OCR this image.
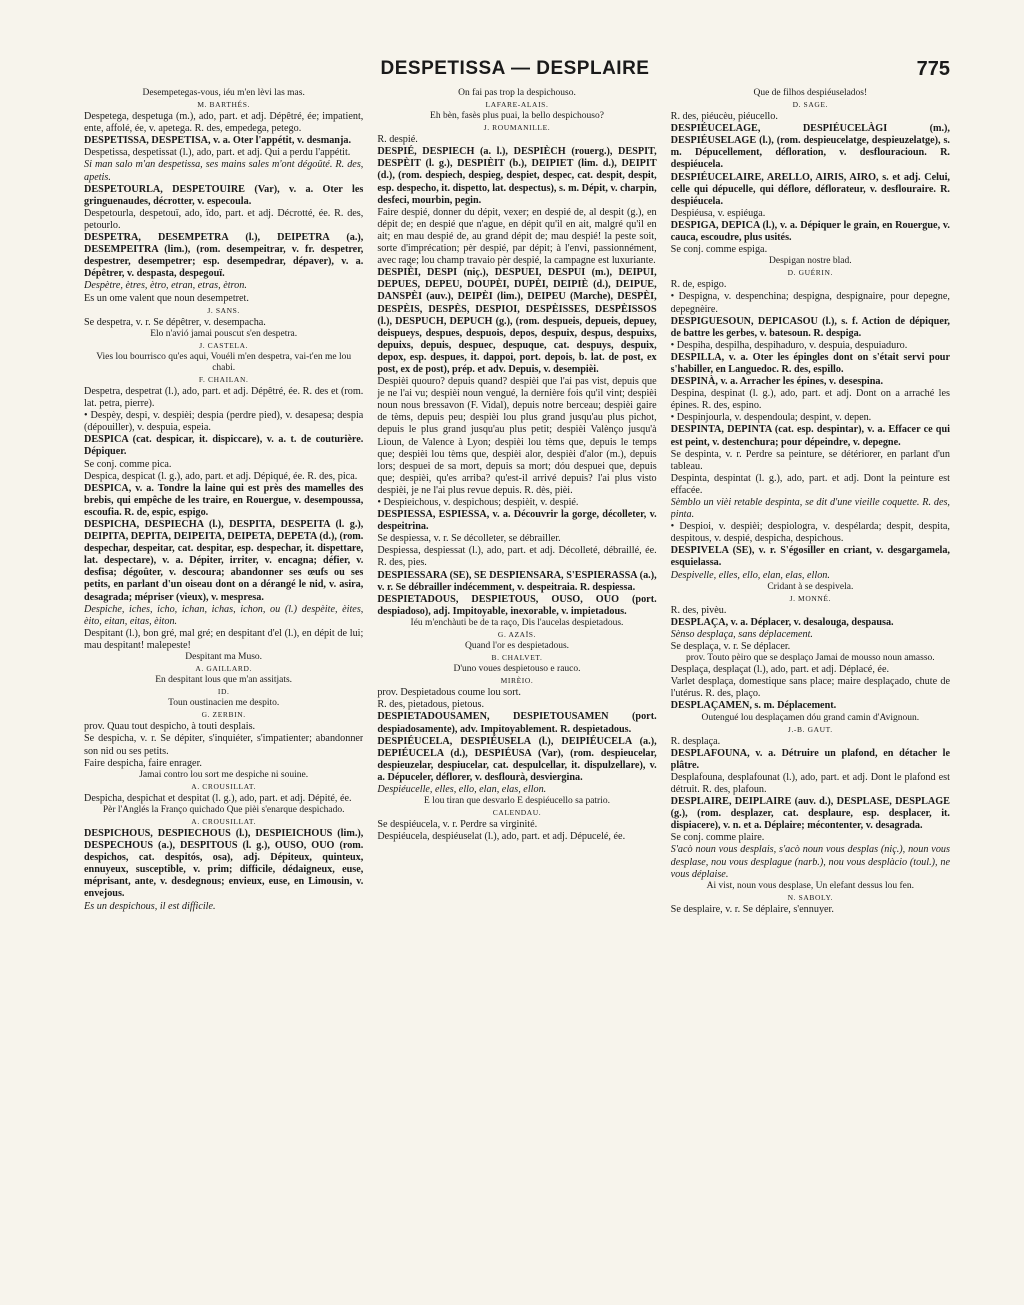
DESPETISSA — DESPLAIRE	775

Desempetegas-vous, iéu m'en lèvi las mas.

M. BARTHÉS.

Despetega, despetuga (m.), ado, part. et adj. Dépêtré, ée; impatient, ente, affolé, ée, v. apetega. R. des, empedega, petego.

DESPETISSA, DESPETISA, v. a. Oter l'appétit, v. desmanja.

Despetissa, despetissat (l.), ado, part. et adj. Qui a perdu l'appétit.

Si man salo m'an despetissa, ses mains sales m'ont dégoûté. R. des, apetis.

DESPETOURLA, DESPETOUIRE (Var), v. a. Oter les gringuenaudes, décrotter, v. especoula.

Despetourla, despetouï, ado, ïdo, part. et adj. Décrotté, ée. R. des, petourlo.

DESPETRA, DESEMPETRA (l.), DEIPETRA (a.), DESEMPEITRA (lim.), (rom. desempeitrar, v. fr. despetrer, despestrer, desempetrer; esp. desempedrar, dépaver), v. a. Dépêtrer, v. despasta, despegouï.

Despètre, ètres, ètro, etran, etras, ètron.

Es un ome valent que noun desempetret.

J. SANS.

Se despetra, v. r. Se dépêtrer, v. desempacha.

Elo n'avió jamai pouscut s'en despetra.

J. CASTELA.

Vies lou bourrisco qu'es aqui, Vouéli m'en despetra, vai-t'en me lou chabi.

F. CHAILAN.

Despetra, despetrat (l.), ado, part. et adj. Dépêtré, ée. R. des et (rom. lat. petra, pierre).

• Despèy, despi, v. despièi; despia (perdre pied), v. desapesa; despia (dépouiller), v. despuia, espeia.

DESPICA (cat. despicar, it. dispiccare), v. a. t. de couturière. Dépiquer.

Se conj. comme pica.

Despica, despicat (l. g.), ado, part. et adj. Dépiqué, ée. R. des, pica.

DESPICA, v. a. Tondre la laine qui est près des mamelles des brebis, qui empêche de les traire, en Rouergue, v. desempoussa, escoufia. R. de, espic, espigo.

DESPICHA, DESPIECHA (l.), DESPITA, DESPEITA (l. g.), DEIPITA, DEPITA, DEIPEITA, DEIPETA, DEPETA (d.), (rom. despechar, despeitar, cat. despitar, esp. despechar, it. dispettare, lat. despectare), v. a. Dépiter, irriter, v. encagna; défier, v. desfisa; dégoûter, v. descoura; abandonner ses œufs ou ses petits, en parlant d'un oiseau dont on a dérangé le nid, v. asira, desagrada; mépriser (vieux), v. mespresa.

Despiche, iches, icho, ichan, ichas, ichon, ou (l.) despèite, èites, èito, eitan, eitas, èiton.

Despitant (l.), bon gré, mal gré; en despitant d'el (l.), en dépit de lui; mau despitant! malepeste!

Despitant ma Muso.

A. GAILLARD.

En despitant lous que m'an assitjats.

ID.

Toun oustinacien me despito.

G. ZERBIN.

prov. Quau tout despicho, à touti desplais.

Se despicha, v. r. Se dépiter, s'inquiéter, s'impatienter; abandonner son nid ou ses petits.

Faire despicha, faire enrager.

Jamai contro lou sort me despiche ni souine.

A. CROUSILLAT.

Despicha, despichat et despitat (l. g.), ado, part. et adj. Dépité, ée.

Pèr l'Anglés la Franço quichado Que pièi s'enarque despichado.

A. CROUSILLAT.

DESPICHOUS, DESPIECHOUS (l.), DESPIEICHOUS (lim.), DESPECHOUS (a.), DESPITOUS (l. g.), OUSO, OUO (rom. despichos, cat. despitós, osa), adj. Dépiteux, quinteux, ennuyeux, susceptible, v. prim; difficile, dédaigneux, euse, méprisant, ante, v. desdegnous; envieux, euse, en Limousin, v. envejous.

Es un despichous, il est difficile.

On fai pas trop la despichouso.

LAFARE-ALAIS.

Eh bèn, fasès plus puai, la bello despichouso?

J. ROUMANILLE.

R. despié.

DESPIÉ, DESPIECH (a. l.), DESPIÈCH (rouerg.), DESPIT, DESPÈIT (l. g.), DESPIÈIT (b.), DEIPIET (lim. d.), DEIPIT (d.), (rom. despiech, despieg, despiet, despec, cat. despit, despit, esp. despecho, it. dispetto, lat. despectus), s. m. Dépit, v. charpin, desfeci, mourbin, pegin.

Faire despié, donner du dépit, vexer; en despié de, al despit (g.), en dépit de; en despié que n'ague, en dépit qu'il en ait, malgré qu'il en ait; en mau despié de, au grand dépit de; mau despié! la peste soit, sorte d'imprécation; pèr despié, par dépit; à l'envi, passionnément, avec rage; lou champ travaio pèr despié, la campagne est luxuriante.

DESPIÈI, DESPI (niç.), DESPUEI, DESPUI (m.), DEIPUI, DEPUES, DEPEU, DOUPÈI, DUPÈI, DEIPIÈ (d.), DEIPUE, DANSPÈI (auv.), DEIPÈI (lim.), DEIPEU (Marche), DESPÈI, DESPÈIS, DESPÈS, DESPIOI, DESPÈISSES, DESPÈISSOS (l.), DESPUCH, DEPUCH (g.), (rom. despueis, depueis, depuey, deispueys, despues, despuois, depos, despuix, despus, despuixs, depuixs, depuis, despuec, despuque, cat. despuys, despuix, depox, esp. despues, it. dappoi, port. depois, b. lat. de post, ex post, ex de post), prép. et adv. Depuis, v. desempièi.

Despièi quouro? depuis quand? despièi que l'ai pas vist, depuis que je ne l'ai vu; despièi noun vengué, la dernière fois qu'il vint; despièi noun nous bressavon (F. Vidal), depuis notre berceau; despièi gaire de tèms, depuis peu; despièi lou plus grand jusqu'au plus pichot, depuis le plus grand jusqu'au plus petit; despièi Valènço jusqu'à Lioun, de Valence à Lyon; despièi lou tèms que, depuis le temps que; despièi lou tèms que, despièi alor, despièi d'alor (m.), depuis lors; despuei de sa mort, depuis sa mort; dóu despuei que, depuis que; despièi, qu'es arriba? qu'est-il arrivé depuis? l'ai plus visto despièi, je ne l'ai plus revue depuis. R. dès, pièi.

• Despieichous, v. despichous; despièit, v. despié.

DESPIESSA, ESPIESSA, v. a. Découvrir la gorge, décolleter, v. despeitrina.

Se despiessa, v. r. Se décolleter, se débrailler.

Despiessa, despiessat (l.), ado, part. et adj. Décolleté, débraillé, ée. R. des, pies.

DESPIESSARA (SE), SE DESPIENSARA, S'ESPIERASSA (a.), v. r. Se débrailler indécemment, v. despeitraia. R. despiessa.

DESPIETADOUS, DESPIETOUS, OUSO, OUO (port. despiadoso), adj. Impitoyable, inexorable, v. impietadous.

Iéu m'enchàuti be de ta raço, Dis l'aucelas despietadous.

G. AZAÏS.

Quand l'or es despietadous.

B. CHALVET.

D'uno voues despietouso e rauco.

MIRÈIO.

prov. Despietadous coume lou sort.

R. des, pietadous, pietous.

DESPIETADOUSAMEN, DESPIETOUSAMEN (port. despiadosamente), adv. Impitoyablement. R. despietadous.

DESPIÉUCELA, DESPIÉUSELA (l.), DEIPIÉUCELA (a.), DEPIÉUCELA (d.), DESPIÉUSA (Var), (rom. despieucelar, despieuzelar, despiucelar, cat. despulcellar, it. dispulzellare), v. a. Dépuceler, déflorer, v. desflourà, desviergina.

Despiéucelle, elles, ello, elan, elas, ellon.

E lou tiran que desvarlo E despiéucello sa patrio.

CALENDAU.

Se despiéucela, v. r. Perdre sa virginité.

Despiéucela, despiéuselat (l.), ado, part. et adj. Dépucelé, ée.

Que de filhos despiéuselados!

D. SAGE.

R. des, piéucèu, piéucello.

DESPIÉUCELAGE, DESPIÉUCELÀGI (m.), DESPIÉUSELAGE (l.), (rom. despieucelatge, despieuzelatge), s. m. Dépucellement, défloration, v. desflouracioun. R. despiéucela.

DESPIÉUCELAIRE, ARELLO, AIRIS, AIRO, s. et adj. Celui, celle qui dépucelle, qui déflore, déflorateur, v. desflouraire. R. despiéucela.

Despiéusa, v. espiéuga.

DESPIGA, DEPICA (l.), v. a. Dépiquer le grain, en Rouergue, v. cauca, escoudre, plus usités.

Se conj. comme espiga.

Despigan nostre blad.

D. GUÉRIN.

R. de, espigo.

• Despigna, v. despenchina; despigna, despignaire, pour depegne, depegnèire.

DESPIGUESOUN, DEPICASOU (l.), s. f. Action de dépiquer, de battre les gerbes, v. batesoun. R. despiga.

• Despiha, despilha, despihaduro, v. despuia, despuiaduro.

DESPILLA, v. a. Oter les épingles dont on s'était servi pour s'habiller, en Languedoc. R. des, espillo.

DESPINÀ, v. a. Arracher les épines, v. desespina.

Despina, despinat (l. g.), ado, part. et adj. Dont on a arraché les épines. R. des, espino.

• Despinjourla, v. despendoula; despint, v. depen.

DESPINTA, DEPINTA (cat. esp. despintar), v. a. Effacer ce qui est peint, v. destenchura; pour dépeindre, v. depegne.

Se despinta, v. r. Perdre sa peinture, se détériorer, en parlant d'un tableau.

Despinta, despintat (l. g.), ado, part. et adj. Dont la peinture est effacée.

Sèmblo un vièi retable despinta, se dit d'une vieille coquette. R. des, pinta.

• Despioi, v. despièi; despiologra, v. despélarda; despit, despita, despitous, v. despié, despicha, despichous.

DESPIVELA (SE), v. r. S'égosiller en criant, v. desgargamela, esquielassa.

Despivelle, elles, ello, elan, elas, ellon.

Cridant à se despivela.

J. MONNÉ.

R. des, pivèu.

DESPLAÇA, v. a. Déplacer, v. desalouga, despausa.

Sènso desplaça, sans déplacement.

Se desplaça, v. r. Se déplacer.

prov. Touto pèiro que se desplaço Jamai de mousso noun amasso.

Desplaça, desplaçat (l.), ado, part. et adj. Déplacé, ée.

Varlet desplaça, domestique sans place; maire desplaçado, chute de l'utérus. R. des, plaço.

DESPLAÇAMEN, s. m. Déplacement.

Outengué lou desplaçamen dóu grand camin d'Avignoun.

J.-B. GAUT.

R. desplaça.

DESPLAFOUNA, v. a. Détruire un plafond, en détacher le plâtre.

Desplafouna, desplafounat (l.), ado, part. et adj. Dont le plafond est détruit. R. des, plafoun.

DESPLAIRE, DEIPLAIRE (auv. d.), DESPLASE, DESPLAGE (g.), (rom. desplazer, cat. desplaure, esp. desplacer, it. dispiacere), v. n. et a. Déplaire; mécontenter, v. desagrada.

Se conj. comme plaire.

S'acò noun vous desplais, s'acò noun vous desplas (niç.), noun vous desplase, nou vous desplague (narb.), nou vous desplàcio (toul.), ne vous déplaise.

Ai vist, noun vous desplase, Un elefant dessus lou fen.

N. SABOLY.

Se desplaire, v. r. Se déplaire, s'ennuyer.
